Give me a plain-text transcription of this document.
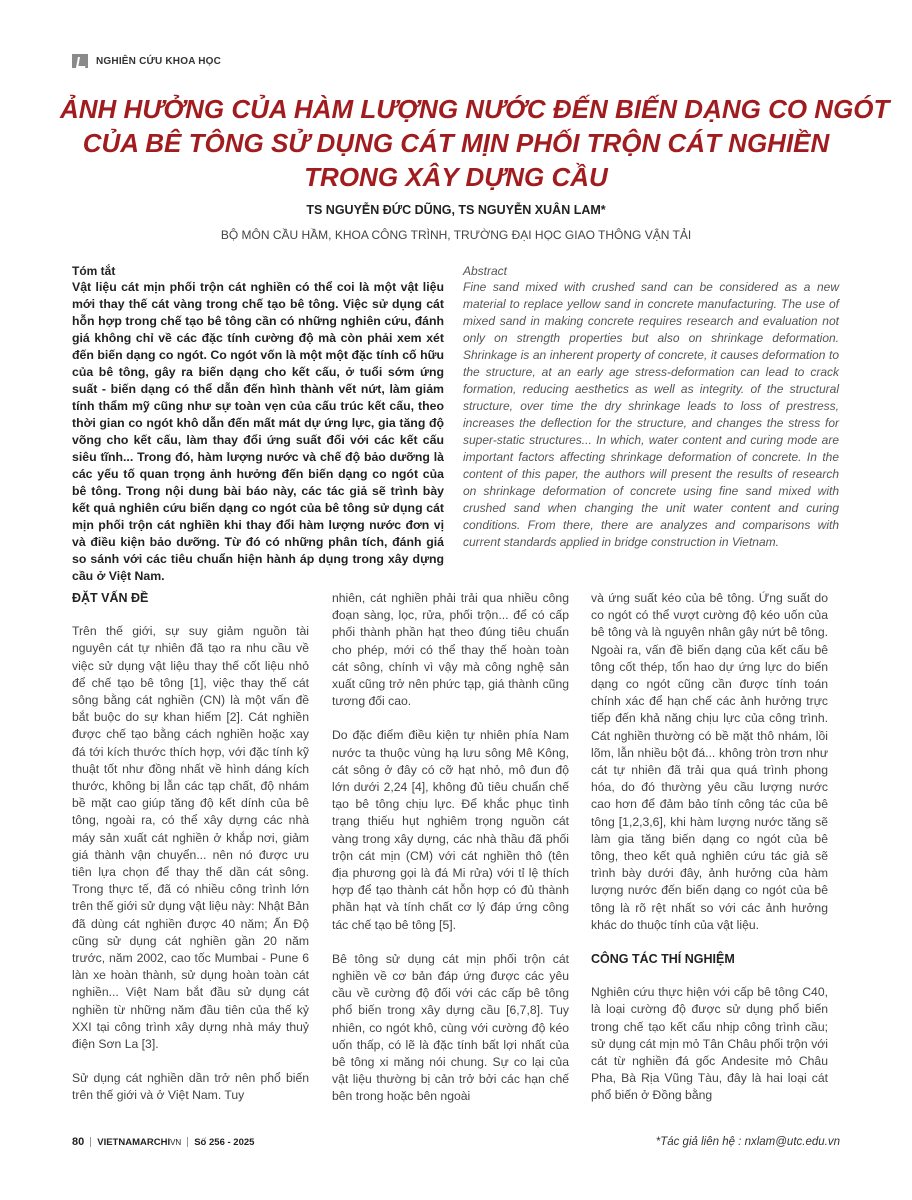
NGHIÊN CỨU KHOA HỌC
ẢNH HƯỞNG CỦA HÀM LƯỢNG NƯỚC ĐẾN BIẾN DẠNG CO NGÓT
CỦA BÊ TÔNG SỬ DỤNG CÁT MỊN PHỐI TRỘN CÁT NGHIỀN
TRONG XÂY DỰNG CẦU
TS NGUYỄN ĐỨC DŨNG, TS NGUYỄN XUÂN LAM*
BỘ MÔN CẦU HẦM, KHOA CÔNG TRÌNH, TRƯỜNG ĐẠI HỌC GIAO THÔNG VẬN TẢI
Tóm tắt
Vật liệu cát mịn phối trộn cát nghiền có thể coi là một vật liệu mới thay thế cát vàng trong chế tạo bê tông. Việc sử dụng cát hỗn hợp trong chế tạo bê tông cần có những nghiên cứu, đánh giá không chỉ về các đặc tính cường độ mà còn phải xem xét đến biến dạng co ngót. Co ngót vốn là một một đặc tính cố hữu của bê tông, gây ra biến dạng cho kết cấu, ở tuổi sớm ứng suất - biến dạng có thể dẫn đến hình thành vết nứt, làm giảm tính thẩm mỹ cũng như sự toàn vẹn của cấu trúc kết cấu, theo thời gian co ngót khô dẫn đến mất mát dự ứng lực, gia tăng độ võng cho kết cấu, làm thay đổi ứng suất đối với các kết cấu siêu tĩnh... Trong đó, hàm lượng nước và chế độ bảo dưỡng là các yếu tố quan trọng ảnh hưởng đến biến dạng co ngót của bê tông. Trong nội dung bài báo này, các tác giả sẽ trình bày kết quả nghiên cứu biến dạng co ngót của bê tông sử dụng cát mịn phối trộn cát nghiền khi thay đổi hàm lượng nước đơn vị và điều kiện bảo dưỡng. Từ đó có những phân tích, đánh giá so sánh với các tiêu chuẩn hiện hành áp dụng trong xây dựng cầu ở Việt Nam.
Abstract
Fine sand mixed with crushed sand can be considered as a new material to replace yellow sand in concrete manufacturing. The use of mixed sand in making concrete requires research and evaluation not only on strength properties but also on shrinkage deformation. Shrinkage is an inherent property of concrete, it causes deformation to the structure, at an early age stress-deformation can lead to crack formation, reducing aesthetics as well as integrity. of the structural structure, over time the dry shrinkage leads to loss of prestress, increases the deflection for the structure, and changes the stress for super-static structures... In which, water content and curing mode are important factors affecting shrinkage deformation of concrete. In the content of this paper, the authors will present the results of research on shrinkage deformation of concrete using fine sand mixed with crushed sand when changing the unit water content and curing conditions. From there, there are analyzes and comparisons with current standards applied in bridge construction in Vietnam.
ĐẶT VẤN ĐỀ

Trên thế giới, sự suy giảm nguồn tài nguyên cát tự nhiên đã tạo ra nhu cầu về việc sử dụng vật liệu thay thế cốt liệu nhỏ để chế tạo bê tông [1], việc thay thế cát sông bằng cát nghiền (CN) là một vấn đề bắt buộc do sự khan hiếm [2]. Cát nghiền được chế tạo bằng cách nghiền hoặc xay đá tới kích thước thích hợp, với đặc tính kỹ thuật tốt như đồng nhất về hình dáng kích thước, không bị lẫn các tạp chất, độ nhám bề mặt cao giúp tăng độ kết dính của bê tông, ngoài ra, có thể xây dựng các nhà máy sản xuất cát nghiền ở khắp nơi, giảm giá thành vận chuyển... nên nó được ưu tiên lựa chọn để thay thế dần cát sông. Trong thực tế, đã có nhiều công trình lớn trên thế giới sử dụng vật liệu này: Nhật Bản đã dùng cát nghiền được 40 năm; Ấn Độ cũng sử dụng cát nghiền gần 20 năm trước, năm 2002, cao tốc Mumbai - Pune 6 làn xe hoàn thành, sử dụng hoàn toàn cát nghiền... Việt Nam bắt đầu sử dụng cát nghiền từ những năm đầu tiên của thế kỷ XXI tại công trình xây dựng nhà máy thuỷ điện Sơn La [3].

Sử dụng cát nghiền dần trở nên phổ biến trên thế giới và ở Việt Nam. Tuy

nhiên, cát nghiền phải trải qua nhiều công đoạn sàng, lọc, rửa, phối trộn... để có cấp phối thành phần hạt theo đúng tiêu chuẩn cho phép, mới có thể thay thế hoàn toàn cát sông, chính vì vậy mà công nghệ sản xuất cũng trở nên phức tạp, giá thành cũng tương đối cao.

Do đặc điểm điều kiện tự nhiên phía Nam nước ta thuộc vùng hạ lưu sông Mê Kông, cát sông ở đây có cỡ hạt nhỏ, mô đun độ lớn dưới 2,24 [4], không đủ tiêu chuẩn chế tạo bê tông chịu lực. Để khắc phục tình trạng thiếu hụt nghiêm trọng nguồn cát vàng trong xây dựng, các nhà thầu đã phối trộn cát mịn (CM) với cát nghiền thô (tên địa phương gọi là đá Mi rửa) với tỉ lệ thích hợp để tạo thành cát hỗn hợp có đủ thành phần hạt và tính chất cơ lý đáp ứng công tác chế tạo bê tông [5].

Bê tông sử dụng cát mịn phối trộn cát nghiền về cơ bản đáp ứng được các yêu cầu về cường độ đối với các cấp bê tông phổ biến trong xây dựng cầu [6,7,8]. Tuy nhiên, co ngót khô, cùng với cường độ kéo uốn thấp, có lẽ là đặc tính bất lợi nhất của bê tông xi măng nói chung. Sự co lại của vật liệu thường bị cản trở bởi các hạn chế bên trong hoặc bên ngoài

và ứng suất kéo của bê tông. Ứng suất do co ngót có thể vượt cường độ kéo uốn của bê tông và là nguyên nhân gây nứt bê tông. Ngoài ra, vấn đề biến dạng của kết cấu bê tông cốt thép, tổn hao dự ứng lực do biến dạng co ngót cũng cần được tính toán chính xác để hạn chế các ảnh hưởng trực tiếp đến khả năng chịu lực của công trình. Cát nghiền thường có bề mặt thô nhám, lồi lõm, lẫn nhiều bột đá... không tròn trơn như cát tự nhiên đã trải qua quá trình phong hóa, do đó thường yêu cầu lượng nước cao hơn để đảm bảo tính công tác của bê tông [1,2,3,6], khi hàm lượng nước tăng sẽ làm gia tăng biến dạng co ngót của bê tông, theo kết quả nghiên cứu tác giả sẽ trình bày dưới đây, ảnh hưởng của hàm lượng nước đến biến dạng co ngót của bê tông là rõ rệt nhất so với các ảnh hưởng khác do thuộc tính của vật liệu.

CÔNG TÁC THÍ NGHIỆM

Nghiên cứu thực hiện với cấp bê tông C40, là loại cường độ được sử dụng phổ biến trong chế tạo kết cấu nhịp công trình cầu; sử dụng cát mịn mỏ Tân Châu phối trộn với cát từ nghiền đá gốc Andesite mỏ Châu Pha, Bà Rịa Vũng Tàu, đây là hai loại cát phổ biến ở Đồng bằng

80 VIETNAMARCHIVN Số 256 - 2025	*Tác giả liên hệ : nxlam@utc.edu.vn
